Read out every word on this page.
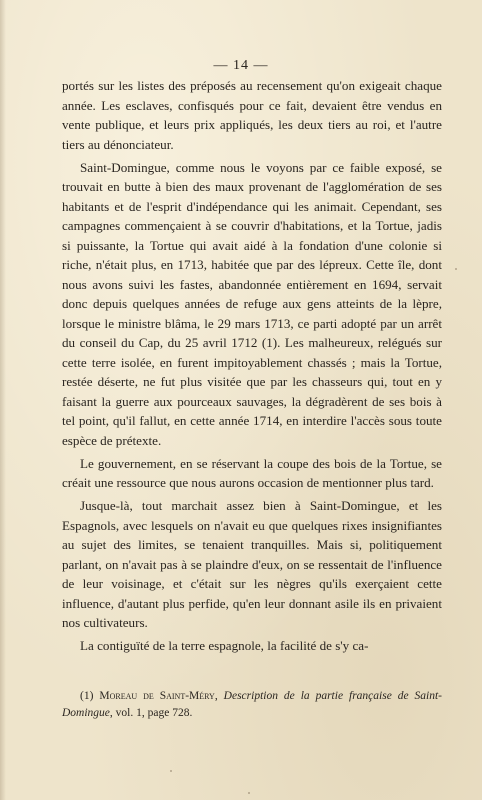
— 14 —

portés sur les listes des préposés au recensement qu'on exigeait chaque année. Les esclaves, confisqués pour ce fait, devaient être vendus en vente publique, et leurs prix appliqués, les deux tiers au roi, et l'autre tiers au dénonciateur.

Saint-Domingue, comme nous le voyons par ce faible exposé, se trouvait en butte à bien des maux provenant de l'agglomération de ses habitants et de l'esprit d'indépendance qui les animait. Cependant, ses campagnes commençaient à se couvrir d'habitations, et la Tortue, jadis si puissante, la Tortue qui avait aidé à la fondation d'une colonie si riche, n'était plus, en 1713, habitée que par des lépreux. Cette île, dont nous avons suivi les fastes, abandonnée entièrement en 1694, servait donc depuis quelques années de refuge aux gens atteints de la lèpre, lorsque le ministre blâma, le 29 mars 1713, ce parti adopté par un arrêt du conseil du Cap, du 25 avril 1712 (1). Les malheureux, relégués sur cette terre isolée, en furent impitoyablement chassés ; mais la Tortue, restée déserte, ne fut plus visitée que par les chasseurs qui, tout en y faisant la guerre aux pourceaux sauvages, la dégradèrent de ses bois à tel point, qu'il fallut, en cette année 1714, en interdire l'accès sous toute espèce de prétexte.

Le gouvernement, en se réservant la coupe des bois de la Tortue, se créait une ressource que nous aurons occasion de mentionner plus tard.

Jusque-là, tout marchait assez bien à Saint-Domingue, et les Espagnols, avec lesquels on n'avait eu que quelques rixes insignifiantes au sujet des limites, se tenaient tranquilles. Mais si, politiquement parlant, on n'avait pas à se plaindre d'eux, on se ressentait de l'influence de leur voisinage, et c'était sur les nègres qu'ils exerçaient cette influence, d'autant plus perfide, qu'en leur donnant asile ils en privaient nos cultivateurs.

La contiguïté de la terre espagnole, la facilité de s'y ca-

(1) Moreau de Saint-Méry, Description de la partie française de Saint-Domingue, vol. 1, page 728.
